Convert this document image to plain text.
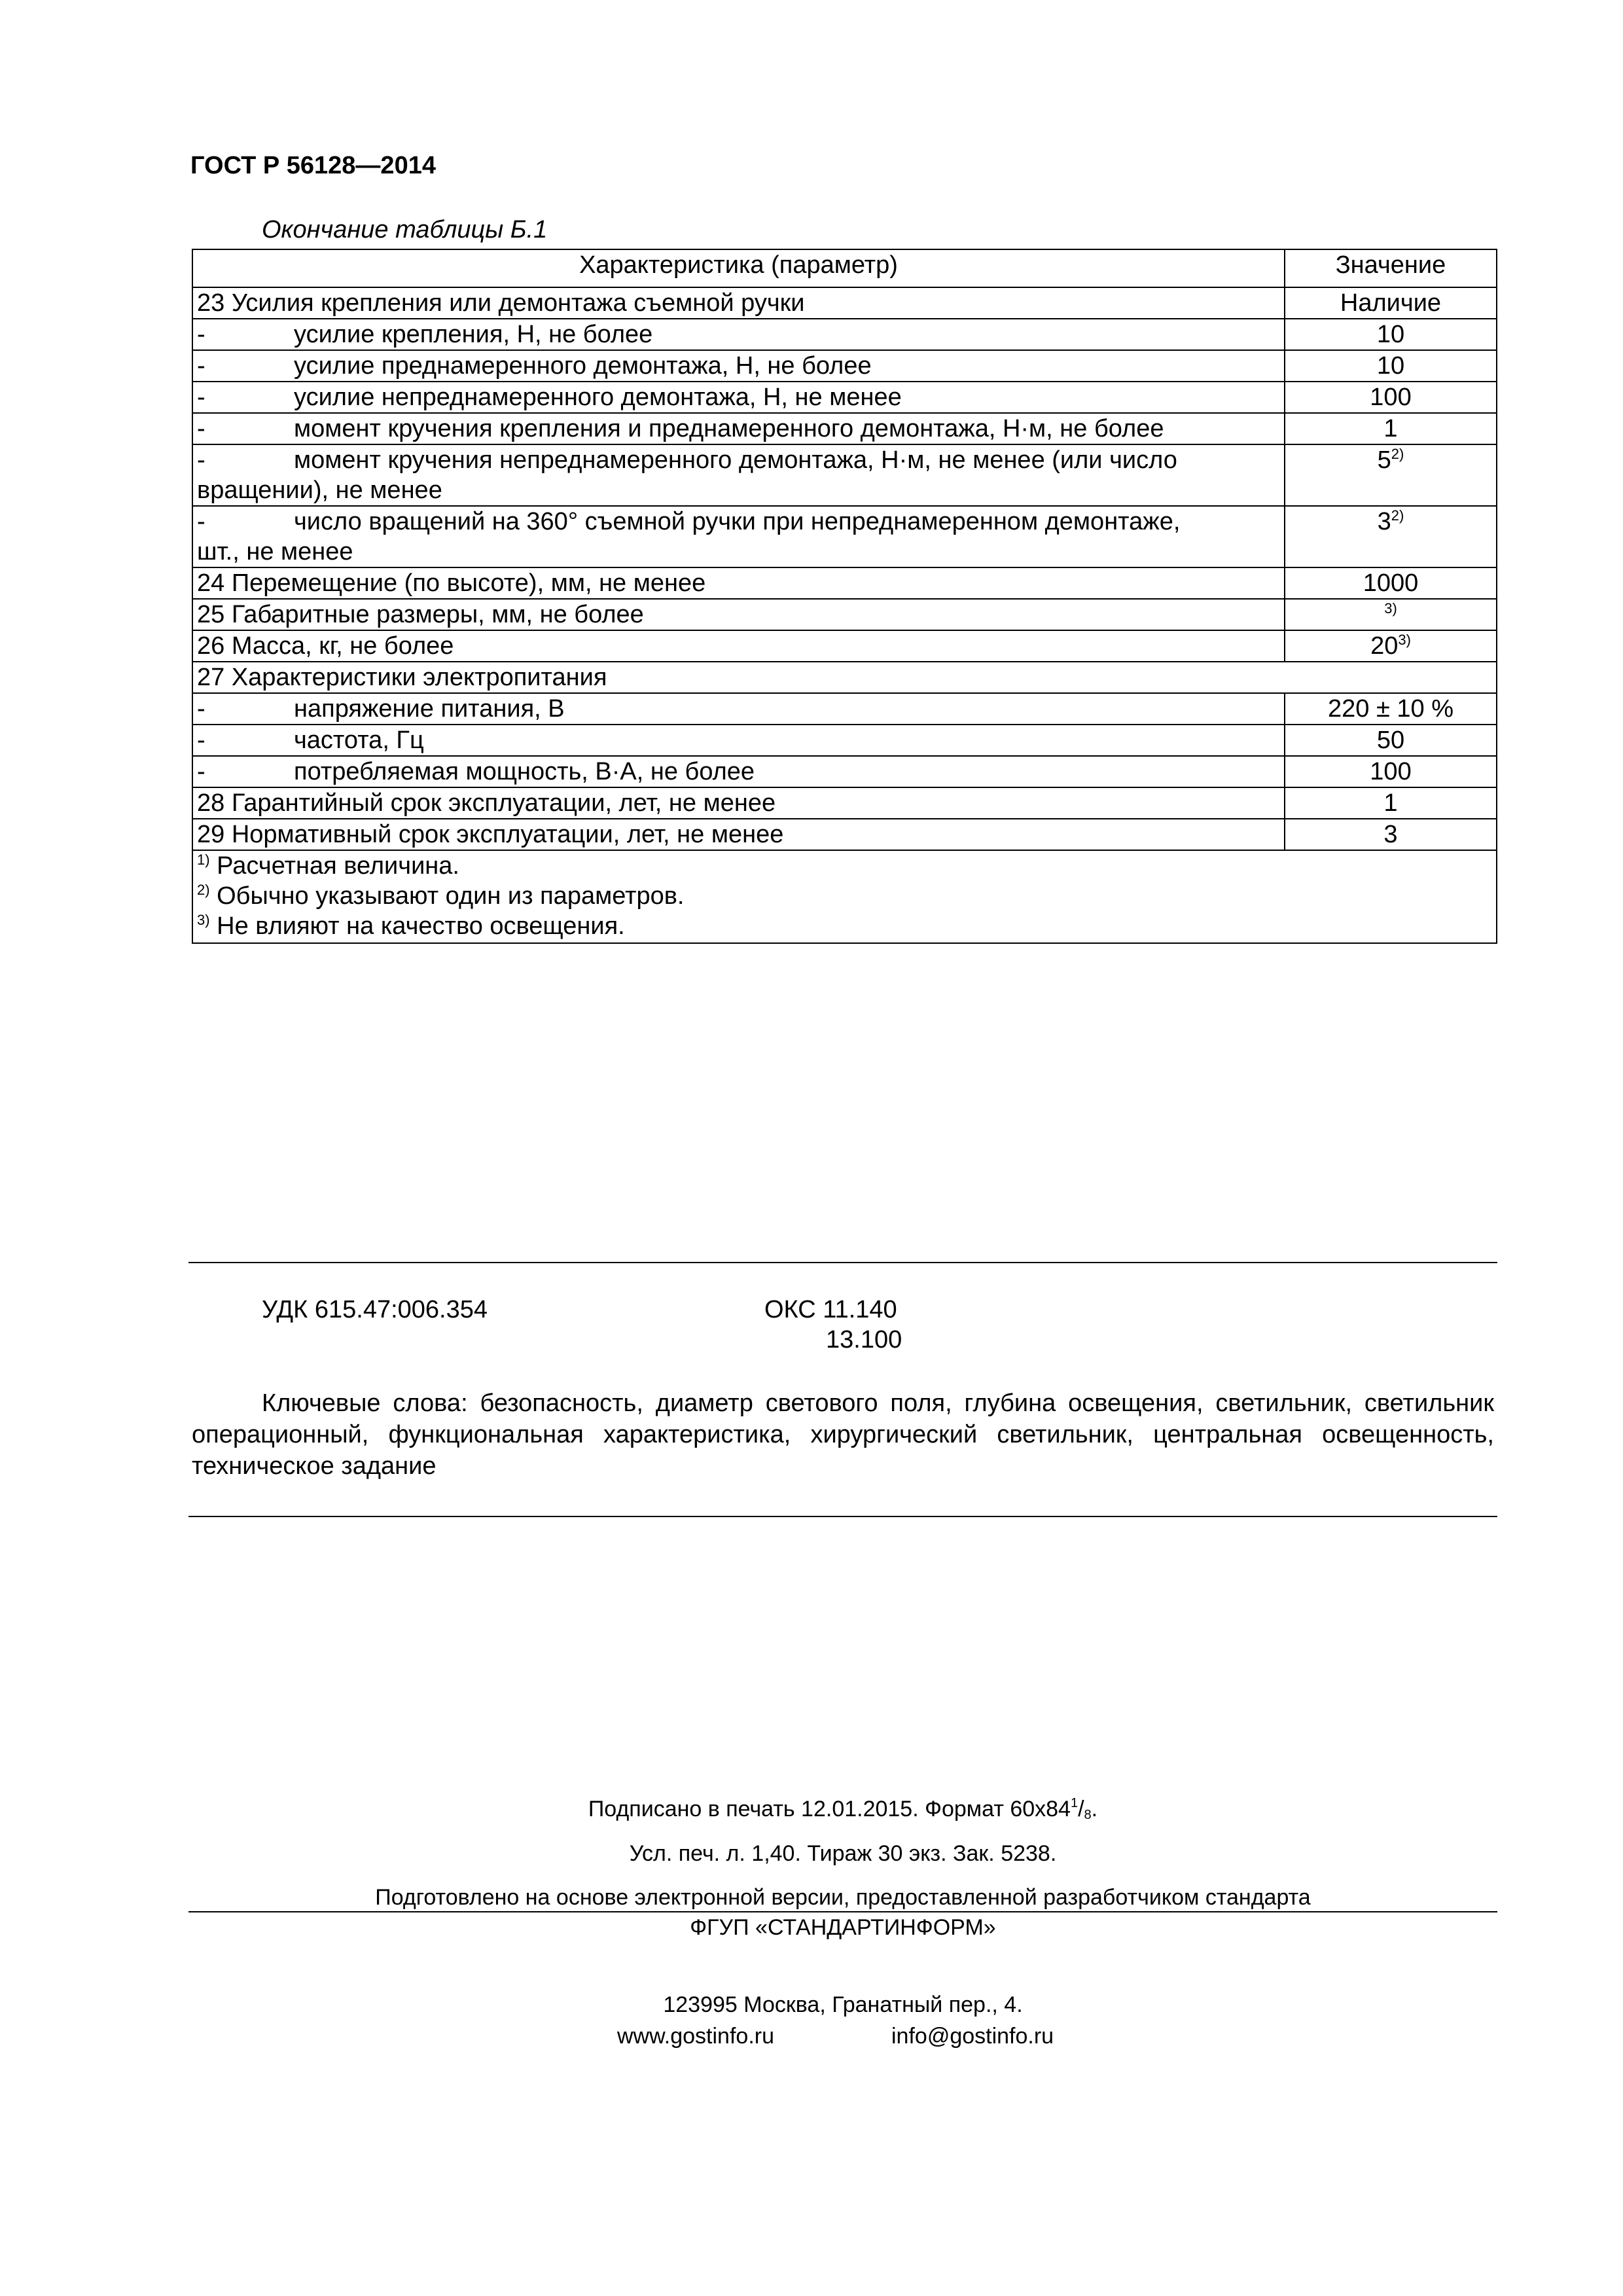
ГОСТ Р 56128—2014
Окончание таблицы Б.1
Характеристика (параметр)	Значение
23 Усилия крепления или демонтажа съемной ручки	Наличие
- усилие крепления, Н, не более	10
- усилие преднамеренного демонтажа, Н, не более	10
- усилие непреднамеренного демонтажа, Н, не менее	100
- момент кручения крепления и преднамеренного демонтажа, Н·м, не более	1

- момент кручения непреднамеренного демонтажа, Н·м, не менее (или число
вращении), не менее	5$^{2)}$

- число вращений на 360° съемной ручки при непреднамеренном демонтаже,
шт., не менее	3$^{2)}$
24 Перемещение (по высоте), мм, не менее	1000
25 Габаритные размеры, мм, не более	$^{3)}$
26 Масса, кг, не более	20$^{3)}$
27 Характеристики электропитания	
- напряжение питания, В	220 ± 10 %
- частота, Гц	50
- потребляемая мощность, В·А, не более	100
28 Гарантийный срок эксплуатации, лет, не менее	1
29 Нормативный срок эксплуатации, лет, не менее	3

$^{1)}$ Расчетная величина.
$^{2)}$ Обычно указывают один из параметров.
$^{3)}$ Не влияют на качество освещения.	
УДК 615.47:006.354	ОКС 11.140
13.100
Ключевые слова: безопасность, диаметр светового поля, глубина освещения, светильник, светильник операционный, функциональная характеристика, хирургический светильник, центральная освещенность, техническое задание
Подписано в печать 12.01.2015. Формат $60х84^1/_8$.
Усл. печ. л. 1,40. Тираж 30 экз. Зак. 5238.
Подготовлено на основе электронной версии, предоставленной разработчиком стандарта
ФГУП «СТАНДАРТИНФОРМ»
123995 Москва, Гранатный пер., 4.
www.gostinfo.ru	info@gostinfo.ru
